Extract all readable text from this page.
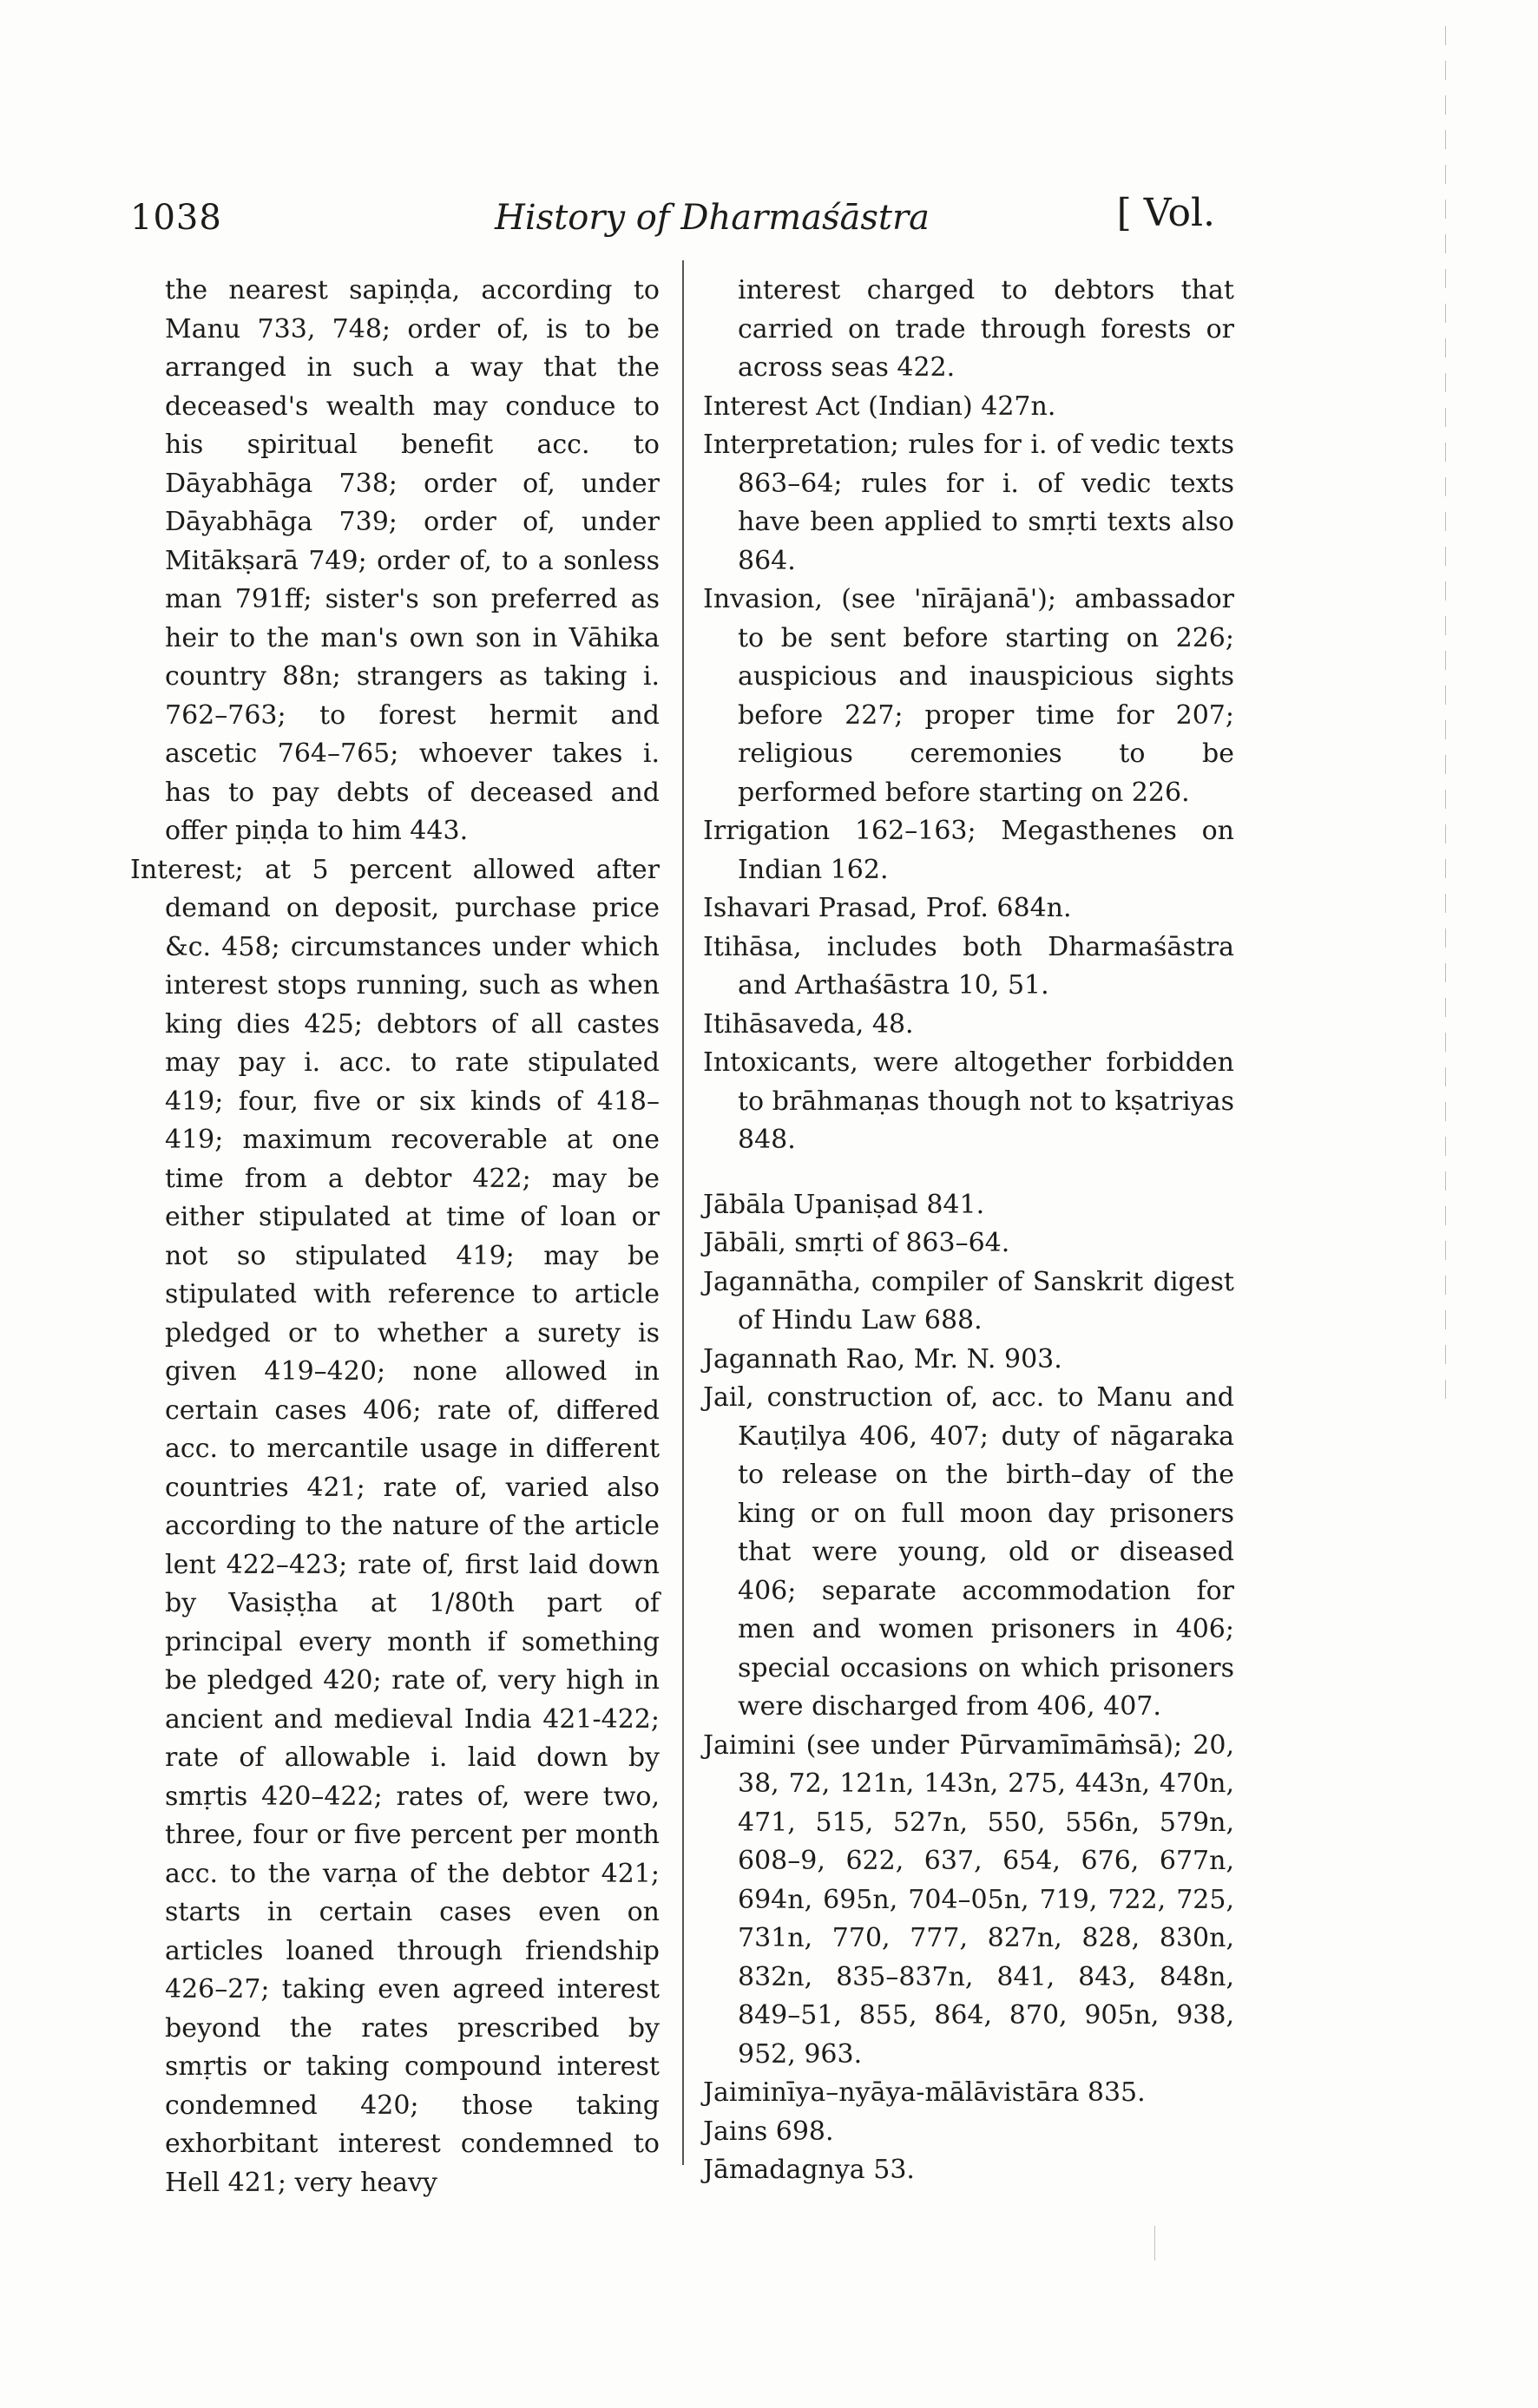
1038	History of Dharmaśāstra	[ Vol.

the nearest sapiṇḍa, according to Manu 733, 748; order of, is to be arranged in such a way that the deceased's wealth may conduce to his spiritual benefit acc. to Dāyabhāga 738; order of, under Dāyabhāga 739; order of, under Mitākṣarā 749; order of, to a sonless man 791ff; sister's son preferred as heir to the man's own son in Vāhika country 88n; strangers as taking i. 762–763; to forest hermit and ascetic 764–765; whoever takes i. has to pay debts of deceased and offer piṇḍa to him 443.

Interest; at 5 percent allowed after demand on deposit, purchase price &c. 458; circumstances under which interest stops running, such as when king dies 425; debtors of all castes may pay i. acc. to rate stipulated 419; four, five or six kinds of 418–419; maximum recoverable at one time from a debtor 422; may be either stipulated at time of loan or not so stipulated 419; may be stipulated with reference to article pledged or to whether a surety is given 419–420; none allowed in certain cases 406; rate of, differed acc. to mercantile usage in different countries 421; rate of, varied also according to the nature of the article lent 422–423; rate of, first laid down by Vasiṣṭha at 1/80th part of principal every month if something be pledged 420; rate of, very high in ancient and medieval India 421-422; rate of allowable i. laid down by smṛtis 420–422; rates of, were two, three, four or five percent per month acc. to the varṇa of the debtor 421; starts in certain cases even on articles loaned through friendship 426–27; taking even agreed interest beyond the rates prescribed by smṛtis or taking compound interest condemned 420; those taking exhorbitant interest condemned to Hell 421; very heavy

interest charged to debtors that carried on trade through forests or across seas 422.

Interest Act (Indian) 427n.

Interpretation; rules for i. of vedic texts 863–64; rules for i. of vedic texts have been applied to smṛti texts also 864.

Invasion, (see 'nīrājanā'); ambassador to be sent before starting on 226; auspicious and inauspicious sights before 227; proper time for 207; religious ceremonies to be performed before starting on 226.

Irrigation 162–163; Megasthenes on Indian 162.

Ishavari Prasad, Prof. 684n.

Itihāsa, includes both Dharmaśāstra and Arthaśāstra 10, 51.

Itihāsaveda, 48.

Intoxicants, were altogether forbidden to brāhmaṇas though not to kṣatriyas 848.

Jābāla Upaniṣad 841.

Jābāli, smṛti of 863–64.

Jagannātha, compiler of Sanskrit digest of Hindu Law 688.

Jagannath Rao, Mr. N. 903.

Jail, construction of, acc. to Manu and Kauṭilya 406, 407; duty of nāgaraka to release on the birth–day of the king or on full moon day prisoners that were young, old or diseased 406; separate accommodation for men and women prisoners in 406; special occasions on which prisoners were discharged from 406, 407.

Jaimini (see under Pūrvamīmāṁsā); 20, 38, 72, 121n, 143n, 275, 443n, 470n, 471, 515, 527n, 550, 556n, 579n, 608–9, 622, 637, 654, 676, 677n, 694n, 695n, 704–05n, 719, 722, 725, 731n, 770, 777, 827n, 828, 830n, 832n, 835–837n, 841, 843, 848n, 849–51, 855, 864, 870, 905n, 938, 952, 963.

Jaiminīya–nyāya-mālāvistāra 835.

Jains 698.

Jāmadagnya 53.
